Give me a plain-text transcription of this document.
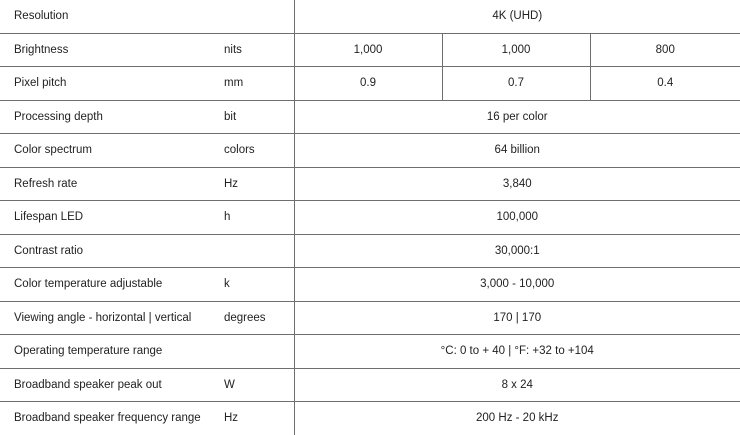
Resolution		4K (UHD)		
Brightness	nits	1,000	1,000	800
Pixel pitch	mm	0.9	0.7	0.4
Processing depth	bit	16 per color		
Color spectrum	colors	64 billion		
Refresh rate	Hz	3,840		
Lifespan LED	h	100,000		
Contrast ratio		30,000:1		
Color temperature adjustable	k	3,000 - 10,000		
Viewing angle - horizontal | vertical	degrees	170 | 170		
Operating temperature range		°C: 0 to + 40 | °F: +32 to +104		
Broadband speaker peak out	W	8 x 24		
Broadband speaker frequency range	Hz	200 Hz - 20 kHz		
